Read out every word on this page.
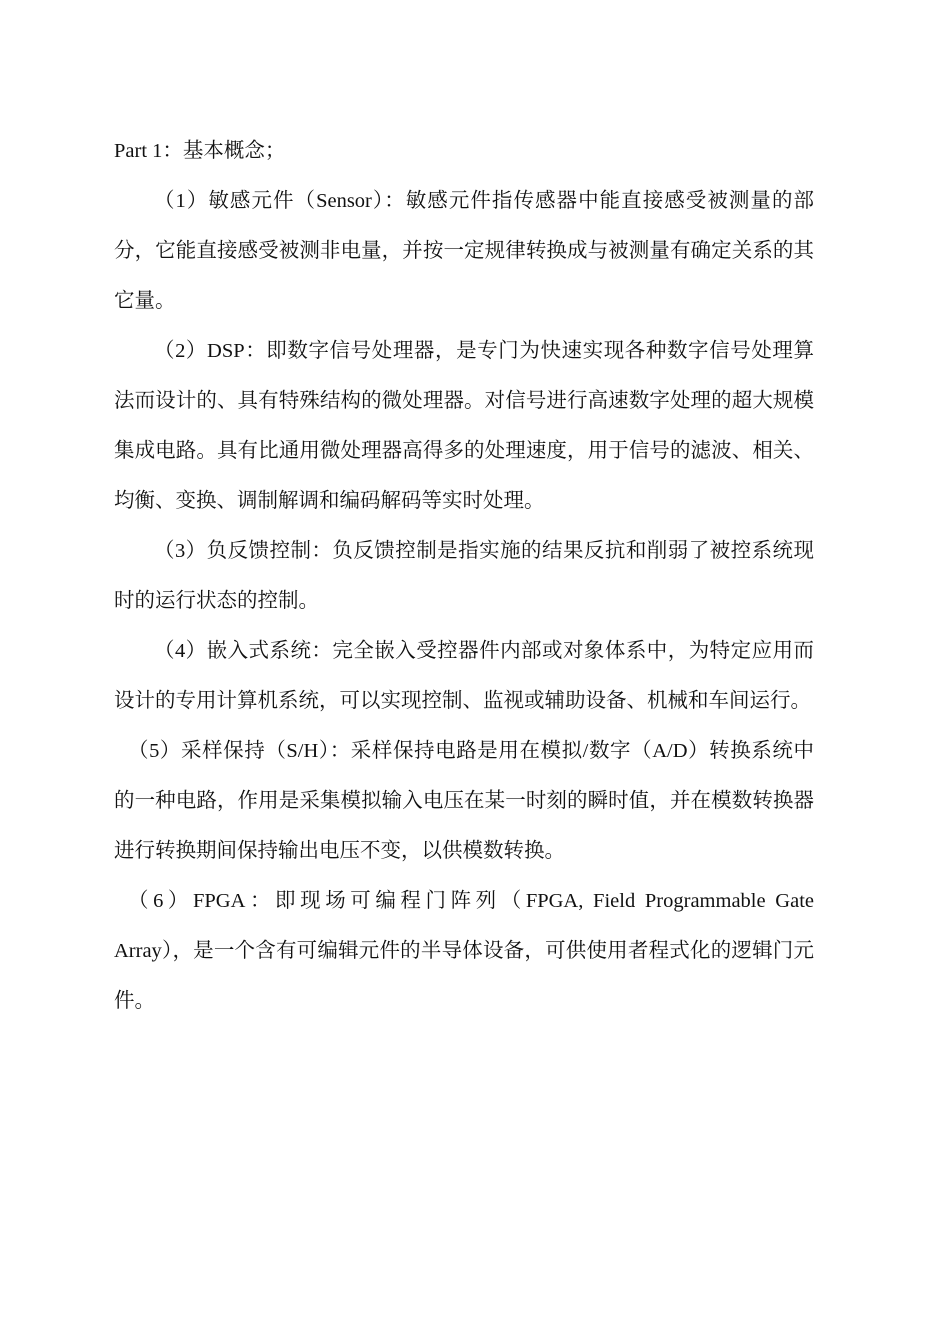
Part 1：基本概念；

（1）敏感元件（Sensor）：敏感元件指传感器中能直接感受被测量的部分，它能直接感受被测非电量，并按一定规律转换成与被测量有确定关系的其它量。

（2）DSP：即数字信号处理器，是专门为快速实现各种数字信号处理算法而设计的、具有特殊结构的微处理器。对信号进行高速数字处理的超大规模集成电路。具有比通用微处理器高得多的处理速度，用于信号的滤波、相关、均衡、变换、调制解调和编码解码等实时处理。

（3）负反馈控制：负反馈控制是指实施的结果反抗和削弱了被控系统现时的运行状态的控制。

（4）嵌入式系统：完全嵌入受控器件内部或对象体系中，为特定应用而设计的专用计算机系统，可以实现控制、监视或辅助设备、机械和车间运行。

（5）采样保持（S/H）：采样保持电路是用在模拟/数字（A/D）转换系统中的一种电路，作用是采集模拟输入电压在某一时刻的瞬时值，并在模数转换器进行转换期间保持输出电压不变，以供模数转换。

（6）FPGA：即现场可编程门阵列（FPGA, Field Programmable Gate Array），是一个含有可编辑元件的半导体设备，可供使用者程式化的逻辑门元件。
